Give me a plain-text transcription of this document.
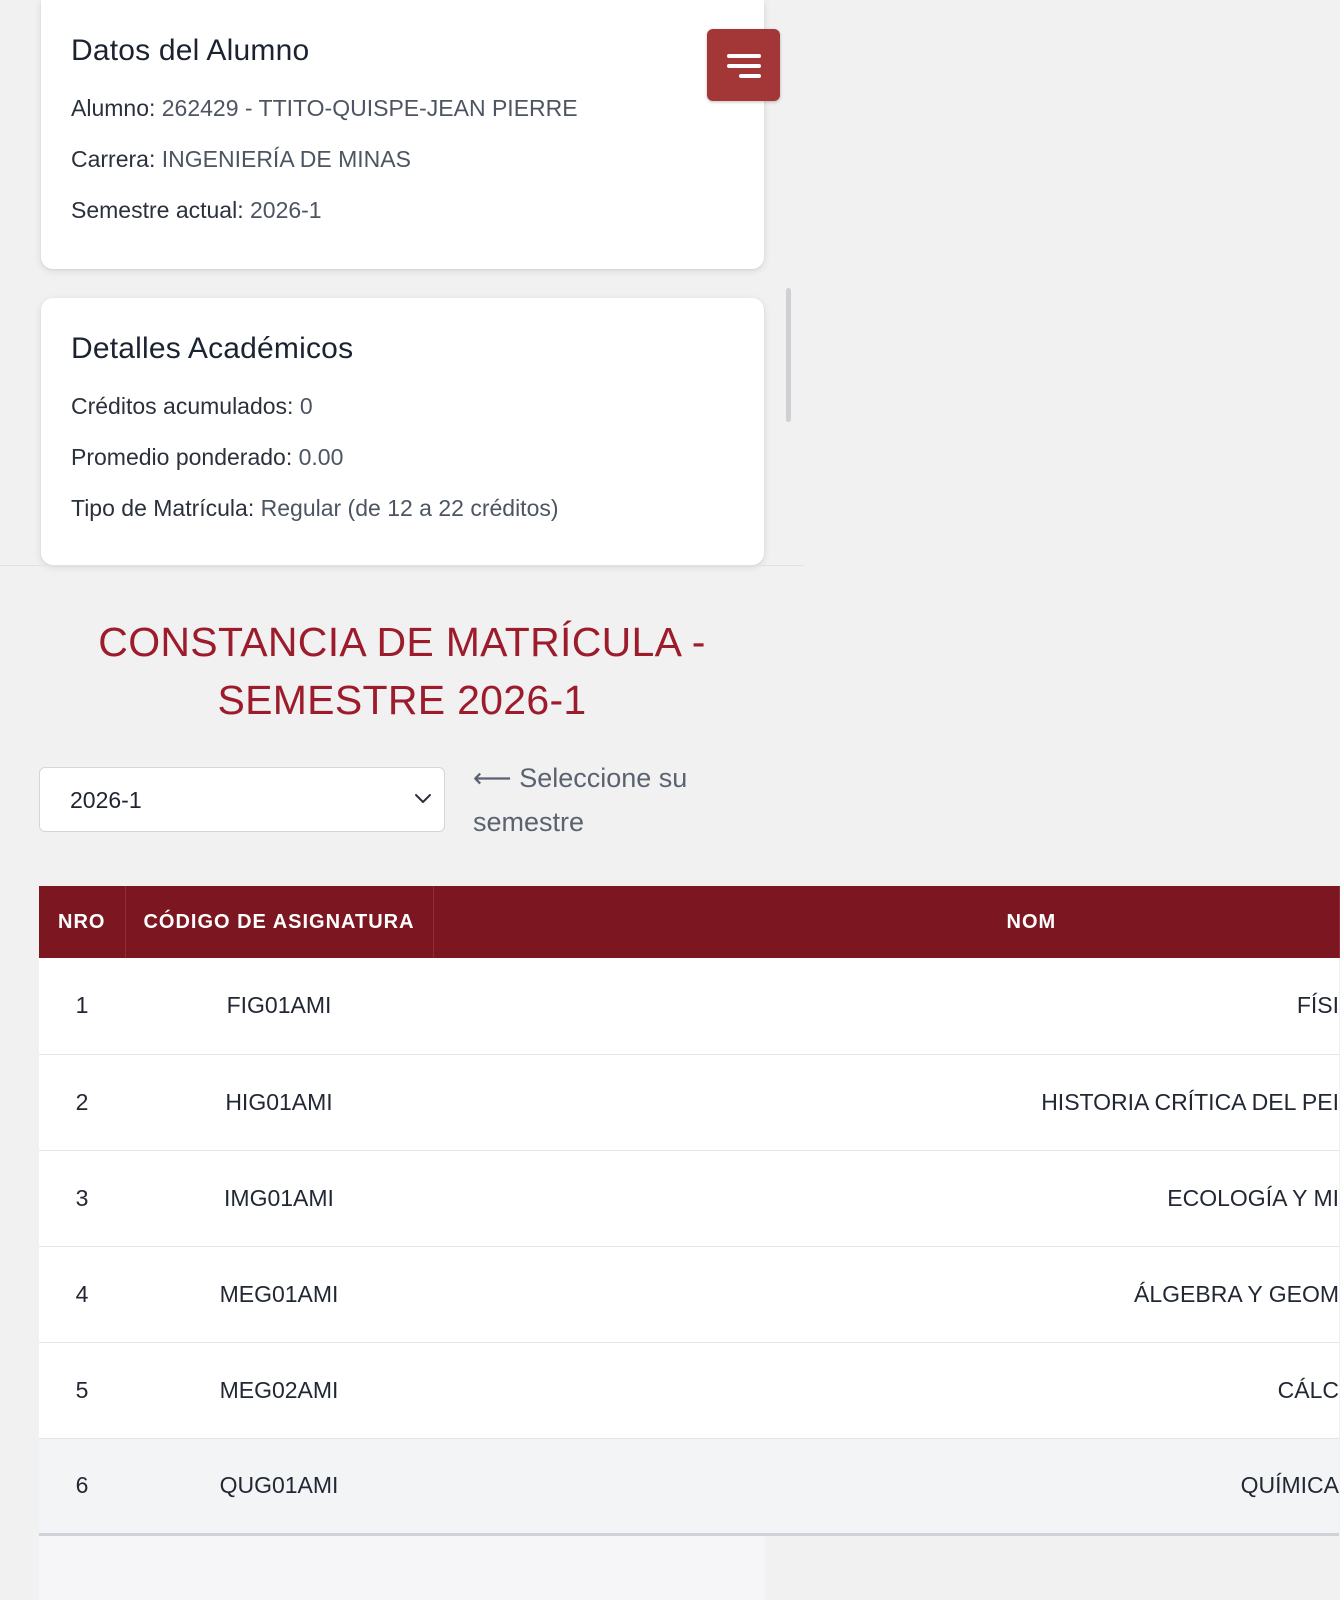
Datos del Alumno
Alumno: 262429 - TTITO-QUISPE-JEAN PIERRE
Carrera: INGENIERÍA DE MINAS
Semestre actual: 2026-1
Detalles Académicos
Créditos acumulados: 0
Promedio ponderado: 0.00
Tipo de Matrícula: Regular (de 12 a 22 créditos)
CONSTANCIA DE MATRÍCULA -
SEMESTRE 2026-1
2026-1
⟵ Seleccione su semestre
NRO	CÓDIGO DE ASIGNATURA	NOM
1	FIG01AMI	FÍSI
2	HIG01AMI	HISTORIA CRÍTICA DEL PEI
3	IMG01AMI	ECOLOGÍA Y MI
4	MEG01AMI	ÁLGEBRA Y GEOM
5	MEG02AMI	CÁLC
6	QUG01AMI	QUÍMICA
